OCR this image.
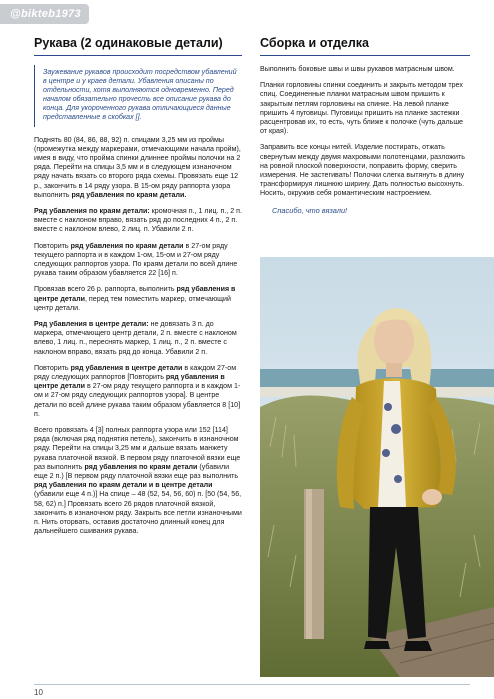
@bikteb1973
Рукава (2 одинаковые детали)
Заужевание рукавов происходит посредством убавлений в центре и у краев детали. Убавления описаны по отдельности, хотя выполняются одновременно. Перед началом обязательно прочесть все описание рукава до конца. Для укороченного рукава отличающиеся данные представленные в скобках [].

Поднять 80 (84, 86, 88, 92) п. спицами 3,25 мм из проймы (промежутка между маркерами, отмечающими начала пройм), имея в виду, что пройма спинки длиннее проймы полочки на 2 ряда. Перейти на спицы 3,5 мм и в следующем изнаночном ряду начать вязать со второго ряда схемы. Провязать еще 12 р., закончить в 14 ряду узора. В 15-ом ряду раппорта узора выполнить ряд убавления по краям детали.

Ряд убавления по краям детали: кромочная п., 1 лиц. п., 2 п. вместе с наклоном вправо, вязать ряд до последних 4 п., 2 п. вместе с наклоном влево, 2 лиц. п. Убавили 2 п.

Повторить ряд убавления по краям детали в 27-ом ряду текущего раппорта и в каждом 1-ом, 15-ом и 27-ом ряду следующих раппортов узора. По краям детали по всей длине рукава таким образом убавляется 22 [16] п.

Провязав всего 26 р. раппорта, выполнить ряд убавления в центре детали, перед тем поместить маркер, отмечающий центр детали.

Ряд убавления в центре детали: не довязать 3 п. до маркера, отмечающего центр детали, 2 п. вместе с наклоном влево, 1 лиц. п., переснять маркер, 1 лиц. п., 2 п. вместе с наклоном вправо, вязать ряд до конца. Убавили 2 п.

Повторить ряд убавления в центре детали в каждом 27-ом ряду следующих раппортов [Повторить ряд убавления в центре детали в 27-ом ряду текущего раппорта и в каждом 1-ом и 27-ом ряду следующих раппортов узора]. В центре детали по всей длине рукава таким образом убавляется 8 [10] п.

Всего провязать 4 [3] полных раппорта узора или 152 [114] ряда (включая ряд поднятия петель), закончить в изнаночном ряду. Перейти на спицы 3,25 мм и дальше вязать манжету рукава платочной вязкой. В первом ряду платочной вязки еще раз выполнить ряд убавления по краям детали (убавили еще 2 п.) [В первом ряду платочной вязки еще раз выполнить ряд убавления по краям детали и в центре детали (убавили еще 4 п.)] На спице – 48 (52, 54, 56, 60) п. [50 (54, 56, 58, 62) п.] Провязать всего 26 рядов платочной вязкой, закончить в изнаночном ряду. Закрыть все петли изнаночными п. Нить оторвать, оставив достаточно длинный конец для дальнейшего сшивания рукава.

Сборка и отделка

Выполнить боковые швы и швы рукавов матрасным швом.

Планки горловины спинки соединить и закрыть методом трех спиц. Соединенные планки матрасным швом пришить к закрытым петлям горловины на спинке. На левой планке пришить 4 пуговицы. Пуговицы пришить на планке застежки расцентровав их, то есть, чуть ближе к полочке (чуть дальше от края).

Заправить все концы нитей. Изделие постирать, отжать свернутым между двумя махровыми полотенцами, разложить на ровной плоской поверхности, поправить форму, сверить измерения. Не застегивать! Полочки слегка вытянуть в длину трансформируя лишнюю ширину. Дать полностью высохнуть. Носить, окружив себя романтическим настроением.

Спасибо, что вязали!

10
